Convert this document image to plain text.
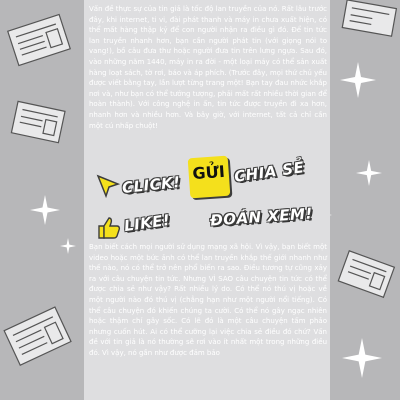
Vấn đề thực sự của tin giả là tốc độ lan truyền của nó. Rất lâu trước đây, khi internet, ti vi, đài phát thanh và máy in chưa xuất hiện, có thể mất hàng thập kỷ để con người nhận ra điều gì đó. Để tin tức lan truyền nhanh hơn, bạn cần người phát tin (với giọng nói to vang!), bồ câu đưa thư hoặc người đưa tin trên lưng ngựa. Sau đó, vào những năm 1440, máy in ra đời - một loại máy có thể sản xuất hàng loạt sách, tờ rơi, báo và áp phích. (Trước đây, mọi thứ chủ yếu được viết bằng tay, lần lượt từng trang một! Bạn tay đau nhức khắp nơi và, như bạn có thể tưởng tượng, phải mất rất nhiều thời gian để hoàn thành). Với công nghệ in ấn, tin tức được truyền đi xa hơn, nhanh hơn và nhiều hơn. Và bây giờ, với internet, tất cả chỉ cần một cú nhấp chuột!

CLICK!
GỬI CHIA SẺ
LIKE!	ĐOÁN XEM!

Bạn biết cách mọi người sử dụng mạng xã hội. Vì vậy, bạn biết một video hoặc một bức ảnh có thể lan truyền khắp thế giới nhanh như thế nào, nó có thể trở nên phổ biến ra sao. Điều tương tự cũng xảy ra với câu chuyện tin tức. Nhưng VÌ SAO câu chuyện tin tức có thể được chia sẻ như vậy? Rất nhiều lý do. Có thể nó thú vị hoặc về một người nào đó thú vị (chẳng hạn như một người nổi tiếng). Có thể câu chuyện đó khiến chúng ta cười. Có thể nó gây ngạc nhiên hoặc thậm chí gây sốc. Có lẽ đó là một câu chuyện tấm phảo nhưng cuốn hút. Ai có thể cưỡng lại việc chia sẻ điều đó chứ? Vấn đề với tin giả là nó thường sẽ rơi vào ít nhất một trong những điều đó. Vì vậy, nó gần như được đảm bảo
